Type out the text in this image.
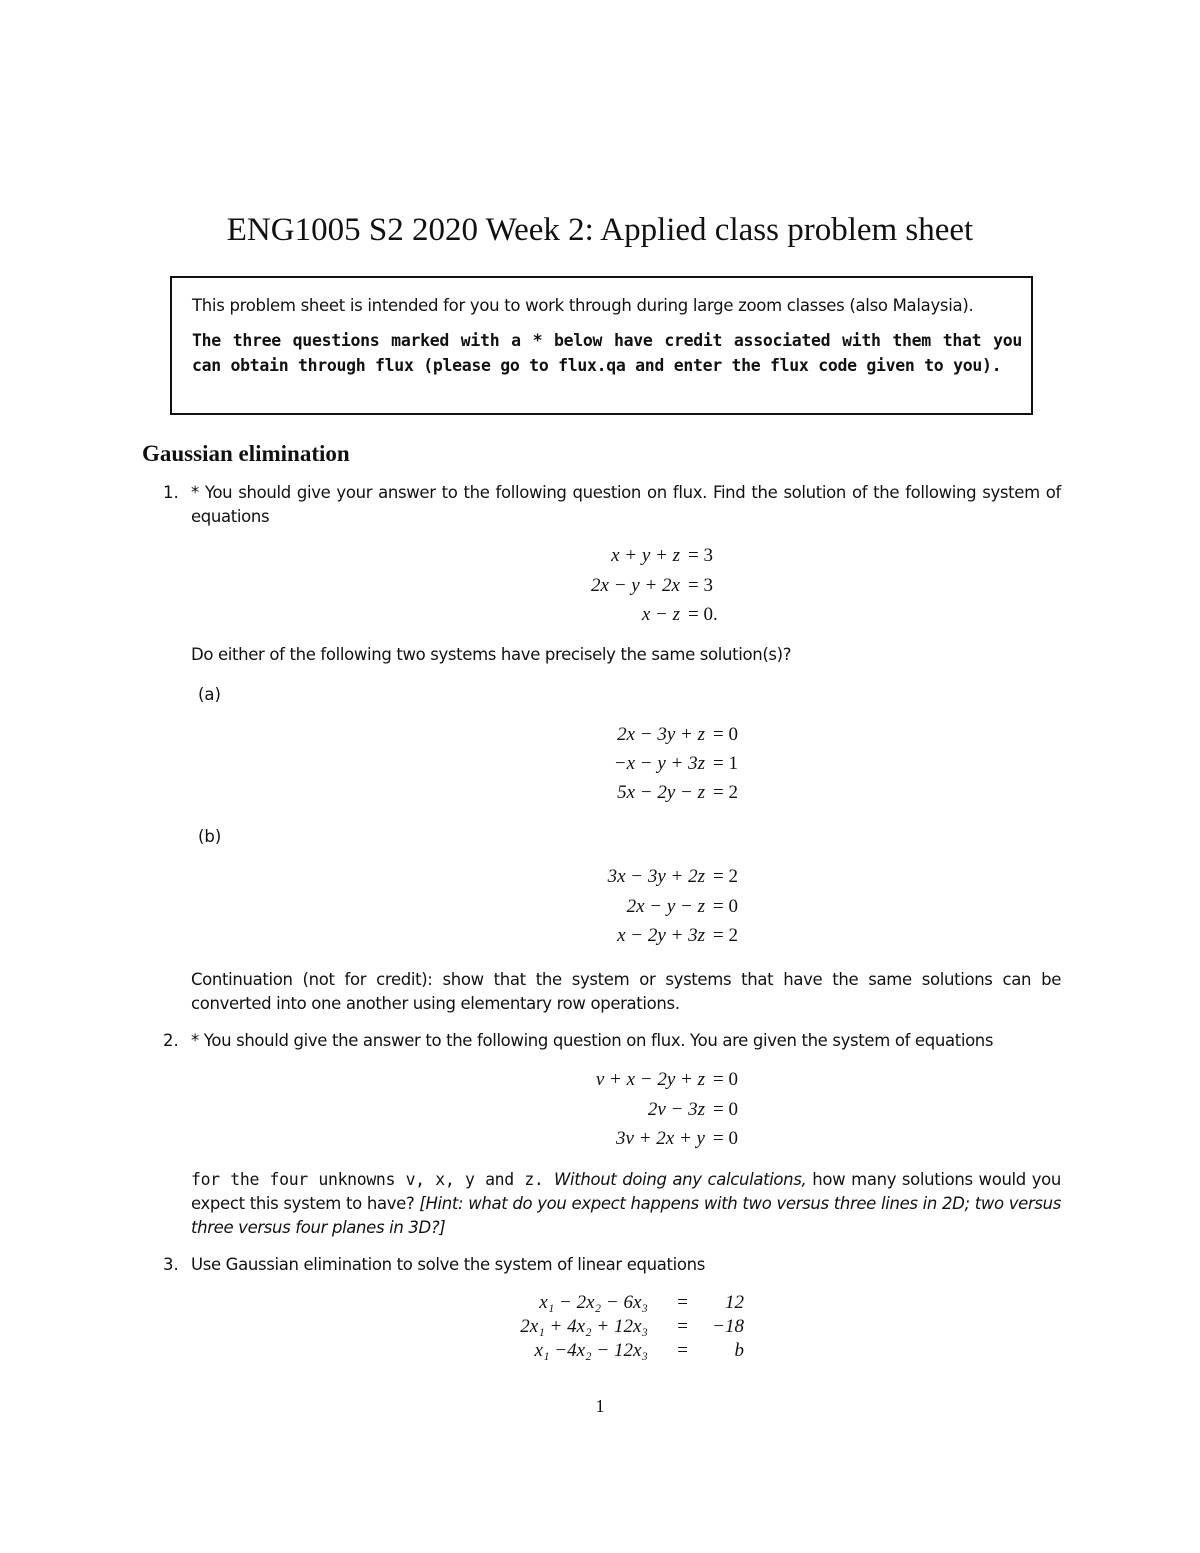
ENG1005 S2 2020 Week 2: Applied class problem sheet
This problem sheet is intended for you to work through during large zoom classes (also Malaysia).
The three questions marked with a * below have credit associated with them that you can obtain through flux (please go to flux.qa and enter the flux code given to you).
Gaussian elimination
1. * You should give your answer to the following question on flux. Find the solution of the following system of equations
x + y + z = 3
2x − y + 2x = 3
x − z = 0.
Do either of the following two systems have precisely the same solution(s)?
(a)
2x − 3y + z = 0
−x − y + 3z = 1
5x − 2y − z = 2
(b)
3x − 3y + 2z = 2
2x − y − z = 0
x − 2y + 3z = 2
Continuation (not for credit): show that the system or systems that have the same solutions can be converted into one another using elementary row operations.
2. * You should give the answer to the following question on flux. You are given the system of equations
v + x − 2y + z = 0
2v − 3z = 0
3v + 2x + y = 0
for the four unknowns v, x, y and z. Without doing any calculations, how many solutions would you expect this system to have? [Hint: what do you expect happens with two versus three lines in 2D; two versus three versus four planes in 3D?]
3. Use Gaussian elimination to solve the system of linear equations
x₁ − 2x₂ − 6x₃ =	12
2x₁ + 4x₂ + 12x₃ =	−18
x₁ −4x₂ − 12x₃ =	b
1
